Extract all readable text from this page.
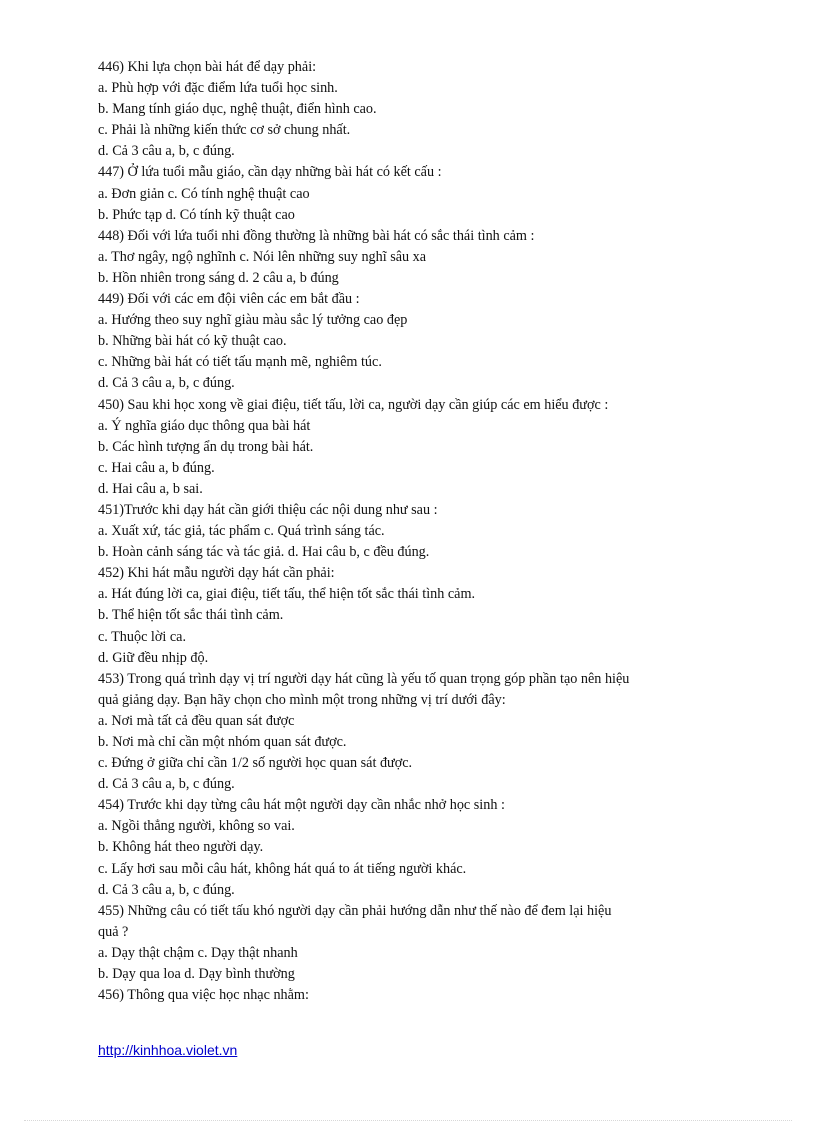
446) Khi lựa chọn bài hát để dạy phải:
a. Phù hợp với đặc điểm lứa tuổi học sinh.
b. Mang tính giáo dục, nghệ thuật, điển hình cao.
c. Phải là những kiến thức cơ sở chung nhất.
d. Cả 3 câu a, b, c đúng.
447) Ở lứa tuổi mẫu giáo, cần dạy những bài hát có kết cấu :
a. Đơn giản c. Có tính nghệ thuật cao
b. Phức tạp d. Có tính kỹ thuật cao
448) Đối với lứa tuổi nhi đồng thường là những bài hát có sắc thái tình cảm :
a. Thơ ngây, ngộ nghĩnh c. Nói lên những suy nghĩ sâu xa
b. Hồn nhiên trong sáng d. 2 câu a, b đúng
449) Đối với các em đội viên các em bắt đầu :
a. Hướng theo suy nghĩ giàu màu sắc lý tưởng cao đẹp
b. Những bài hát có kỹ thuật cao.
c. Những bài hát có tiết tấu mạnh mẽ, nghiêm túc.
d. Cả 3 câu a, b, c đúng.
450) Sau khi học xong về giai điệu, tiết tấu, lời ca, người dạy cần giúp các em hiểu được :
a. Ý nghĩa giáo dục thông qua bài hát
b. Các hình tượng ẩn dụ trong bài hát.
c. Hai câu a, b đúng.
d. Hai câu a, b sai.
451)Trước khi dạy hát cần giới thiệu các nội dung như sau :
a. Xuất xứ, tác giả, tác phẩm c. Quá trình sáng tác.
b. Hoàn cảnh sáng tác và tác giả. d. Hai câu b, c đều đúng.
452) Khi hát mẫu người dạy hát cần phải:
a. Hát đúng lời ca, giai điệu, tiết tấu, thể hiện tốt sắc thái tình cảm.
b. Thể hiện tốt sắc thái tình cảm.
c. Thuộc lời ca.
d. Giữ đều nhịp độ.
453) Trong quá trình dạy vị trí người dạy hát cũng là yếu tố quan trọng góp phần tạo nên hiệu
quả giảng dạy. Bạn hãy chọn cho mình một trong những vị trí dưới đây:
a. Nơi mà tất cả đều quan sát được
b. Nơi mà chỉ cần một nhóm quan sát được.
c. Đứng ở giữa chỉ cần 1/2 số người học quan sát được.
d. Cả 3 câu a, b, c đúng.
454) Trước khi dạy từng câu hát một người dạy cần nhắc nhở học sinh :
a. Ngồi thẳng người, không so vai.
b. Không hát theo người dạy.
c. Lấy hơi sau mỗi câu hát, không hát quá to át tiếng người khác.
d. Cả 3 câu a, b, c đúng.
455) Những câu có tiết tấu khó người dạy cần phải hướng dẫn như thế nào để đem lại hiệu
quả ?
a. Dạy thật chậm c. Dạy thật nhanh
b. Dạy qua loa d. Dạy bình thường
456) Thông qua việc học nhạc nhằm:
http://kinhhoa.violet.vn
